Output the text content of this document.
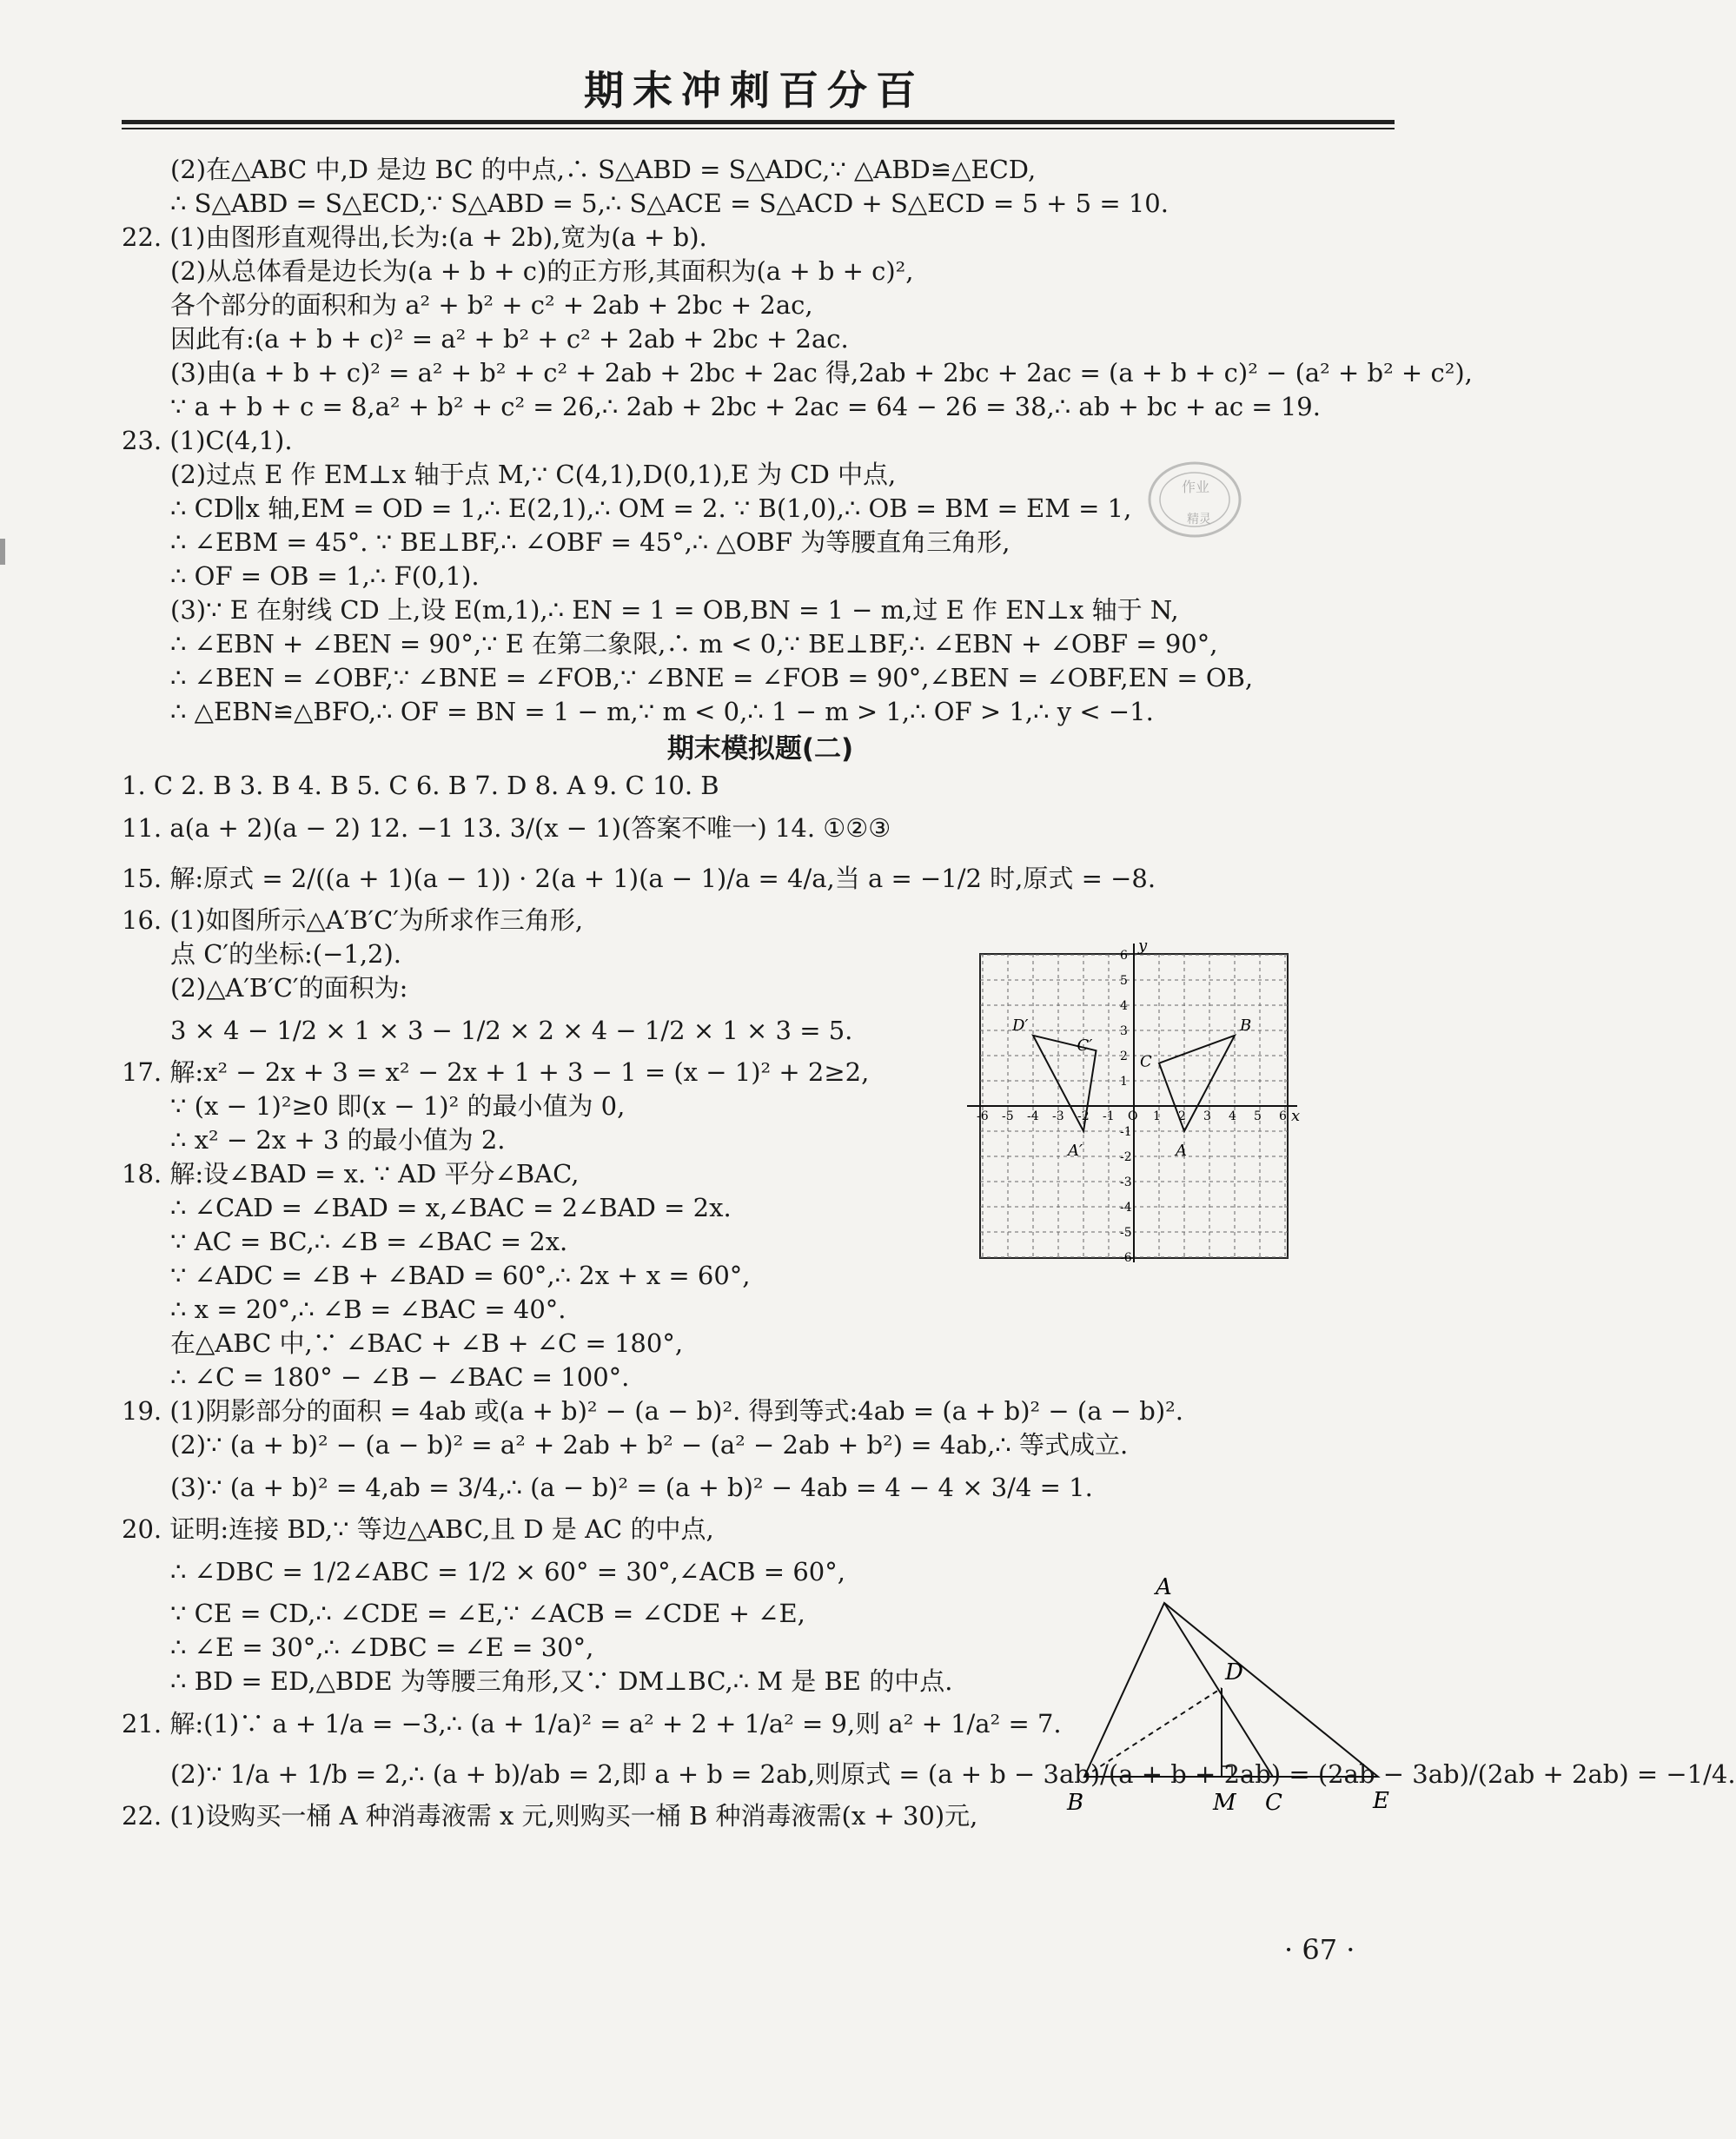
期末冲刺百分百
(2)在△ABC 中,D 是边 BC 的中点,∴ S△ABD = S△ADC,∵ △ABD≌△ECD,
∴ S△ABD = S△ECD,∵ S△ABD = 5,∴ S△ACE = S△ACD + S△ECD = 5 + 5 = 10.
22. (1)由图形直观得出,长为:(a + 2b),宽为(a + b).
(2)从总体看是边长为(a + b + c)的正方形,其面积为(a + b + c)²,
各个部分的面积和为 a² + b² + c² + 2ab + 2bc + 2ac,
因此有:(a + b + c)² = a² + b² + c² + 2ab + 2bc + 2ac.
(3)由(a + b + c)² = a² + b² + c² + 2ab + 2bc + 2ac 得,2ab + 2bc + 2ac = (a + b + c)² − (a² + b² + c²),
∵ a + b + c = 8,a² + b² + c² = 26,∴ 2ab + 2bc + 2ac = 64 − 26 = 38,∴ ab + bc + ac = 19.
23. (1)C(4,1).
(2)过点 E 作 EM⊥x 轴于点 M,∵ C(4,1),D(0,1),E 为 CD 中点,
∴ CD∥x 轴,EM = OD = 1,∴ E(2,1),∴ OM = 2. ∵ B(1,0),∴ OB = BM = EM = 1,
∴ ∠EBM = 45°. ∵ BE⊥BF,∴ ∠OBF = 45°,∴ △OBF 为等腰直角三角形,
∴ OF = OB = 1,∴ F(0,1).
(3)∵ E 在射线 CD 上,设 E(m,1),∴ EN = 1 = OB,BN = 1 − m,过 E 作 EN⊥x 轴于 N,
∴ ∠EBN + ∠BEN = 90°,∵ E 在第二象限,∴ m < 0,∵ BE⊥BF,∴ ∠EBN + ∠OBF = 90°,
∴ ∠BEN = ∠OBF,∵ ∠BNE = ∠FOB,∵ ∠BNE = ∠FOB = 90°,∠BEN = ∠OBF,EN = OB,
∴ △EBN≌△BFO,∴ OF = BN = 1 − m,∵ m < 0,∴ 1 − m > 1,∴ OF > 1,∴ y < −1.
期末模拟题(二)
1. C 2. B 3. B 4. B 5. C 6. B 7. D 8. A 9. C 10. B
11. a(a + 2)(a − 2) 12. −1 13. 3/(x − 1)(答案不唯一) 14. ①②③
15. 解:原式 = 2/((a + 1)(a − 1)) · 2(a + 1)(a − 1)/a = 4/a,当 a = −1/2 时,原式 = −8.
16. (1)如图所示△A′B′C′为所求作三角形,
点 C′的坐标:(−1,2).
(2)△A′B′C′的面积为:
3 × 4 − 1/2 × 1 × 3 − 1/2 × 2 × 4 − 1/2 × 1 × 3 = 5.
17. 解:x² − 2x + 3 = x² − 2x + 1 + 3 − 1 = (x − 1)² + 2≥2,
∵ (x − 1)²≥0 即(x − 1)² 的最小值为 0,
∴ x² − 2x + 3 的最小值为 2.
18. 解:设∠BAD = x. ∵ AD 平分∠BAC,
∴ ∠CAD = ∠BAD = x,∠BAC = 2∠BAD = 2x.
∵ AC = BC,∴ ∠B = ∠BAC = 2x.
∵ ∠ADC = ∠B + ∠BAD = 60°,∴ 2x + x = 60°,
∴ x = 20°,∴ ∠B = ∠BAC = 40°.
在△ABC 中,∵ ∠BAC + ∠B + ∠C = 180°,
∴ ∠C = 180° − ∠B − ∠BAC = 100°.
19. (1)阴影部分的面积 = 4ab 或(a + b)² − (a − b)². 得到等式:4ab = (a + b)² − (a − b)².
(2)∵ (a + b)² − (a − b)² = a² + 2ab + b² − (a² − 2ab + b²) = 4ab,∴ 等式成立.
(3)∵ (a + b)² = 4,ab = 3/4,∴ (a − b)² = (a + b)² − 4ab = 4 − 4 × 3/4 = 1.
20. 证明:连接 BD,∵ 等边△ABC,且 D 是 AC 的中点,
∴ ∠DBC = 1/2∠ABC = 1/2 × 60° = 30°,∠ACB = 60°,
∵ CE = CD,∴ ∠CDE = ∠E,∵ ∠ACB = ∠CDE + ∠E,
∴ ∠E = 30°,∴ ∠DBC = ∠E = 30°,
∴ BD = ED,△BDE 为等腰三角形,又∵ DM⊥BC,∴ M 是 BE 的中点.
21. 解:(1)∵ a + 1/a = −3,∴ (a + 1/a)² = a² + 2 + 1/a² = 9,则 a² + 1/a² = 7.
(2)∵ 1/a + 1/b = 2,∴ (a + b)/ab = 2,即 a + b = 2ab,则原式 = (a + b − 3ab)/(a + b + 2ab) = (2ab − 3ab)/(2ab + 2ab) = −1/4.
22. (1)设购买一桶 A 种消毒液需 x 元,则购买一桶 B 种消毒液需(x + 30)元,
x
y
-6 -5 -4 -3 -2 -1 O 1 2 3 4 5 6
6
5
4
3
2
1
-1
-2
-3
-4
-5
-6
D′
C′
A′
B
C
A
A
B	C
D
E
M
作业
精灵
· 67 ·
